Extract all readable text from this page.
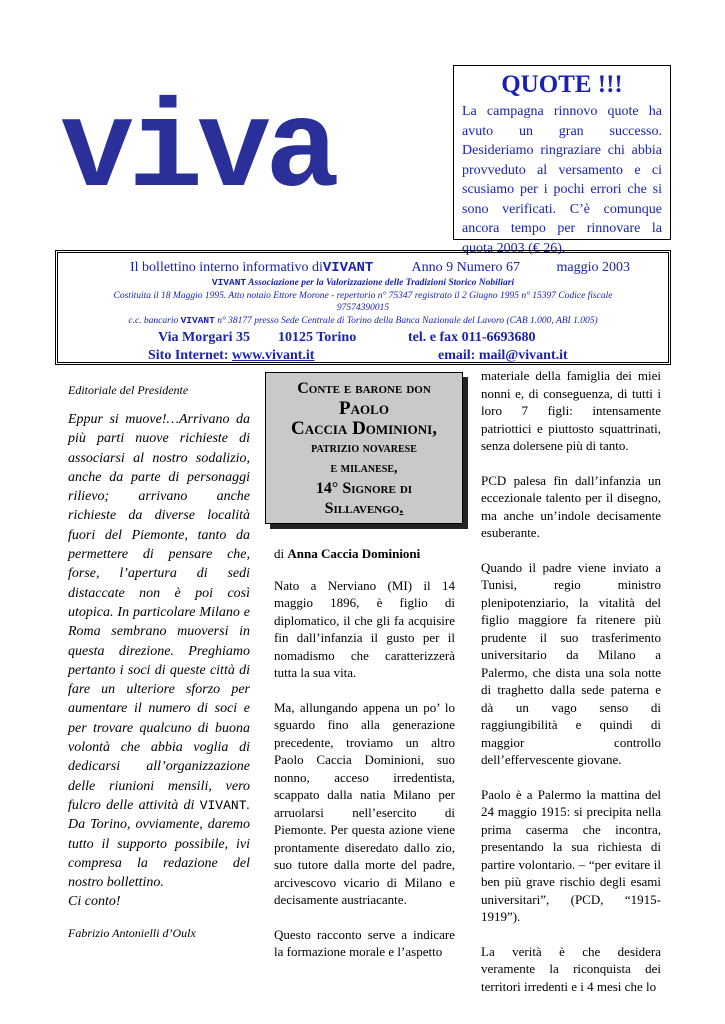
viva	QUOTE !!!
La campagna rinnovo quote ha avuto un gran successo. Desideriamo ringraziare chi abbia provveduto al versamento e ci scusiamo per i pochi errori che si sono verificati. C’è comunque ancora tempo per rinnovare la quota 2003 (€ 26).
Il bollettino interno informativo diVIVANT	Anno 9 Numero 67	maggio 2003
VIVANT Associazione per la Valorizzazione delle Tradizioni Storico Nobiliari
Costituita il 18 Maggio 1995. Atto notaio Ettore Morone - repertorio n° 75347 registrato il 2 Giugno 1995 n° 15397 Codice fiscale 97574390015
c.c. bancario VIVANT n° 38177 presso Sede Centrale di Torino della Banca Nazionale del Lavoro (CAB 1.000, ABI 1.005)
Via Morgari 35	10125 Torino	tel. e fax 011-6693680
Sito Internet: www.vivant.it	email: mail@vivant.it
Editoriale del Presidente
Eppur si muove!…Arrivano da più parti nuove richieste di associarsi al nostro sodalizio, anche da parte di personaggi rilievo; arrivano anche richieste da diverse località fuori del Piemonte, tanto da permettere di pensare che, forse, l’apertura di sedi distaccate non è poi così utopica. In particolare Milano e Roma sembrano muoversi in questa direzione. Preghiamo pertanto i soci di queste città di fare un ulteriore sforzo per aumentare il numero di soci e per trovare qualcuno di buona volontà che abbia voglia di dedicarsi all’organizzazione delle riunioni mensili, vero fulcro delle attività di VIVANT. Da Torino, ovviamente, daremo tutto il supporto possibile, ivi compresa la redazione del nostro bollettino.
Ci conto!
Fabrizio Antonielli d’Oulx
Conte e barone don
Paolo
Caccia Dominioni,
patrizio novarese
e milanese,
14° Signore di
Sillavengo.

di Anna Caccia Dominioni

Nato a Nerviano (MI) il 14 maggio 1896, è figlio di diplomatico, il che gli fa acquisire fin dall’infanzia il gusto per il nomadismo che caratterizzerà tutta la sua vita.

Ma, allungando appena un po’ lo sguardo fino alla generazione precedente, troviamo un altro Paolo Caccia Dominioni, suo nonno, acceso irredentista, scappato dalla natia Milano per arruolarsi nell’esercito di Piemonte. Per questa azione viene prontamente diseredato dallo zio, suo tutore dalla morte del padre, arcivescovo vicario di Milano e decisamente austriacante.

Questo racconto serve a indicare la formazione morale e l’aspetto

materiale della famiglia dei miei nonni e, di conseguenza, di tutti i loro 7 figli: intensamente patriottici e piuttosto squattrinati, senza dolersene più di tanto.

PCD palesa fin dall’infanzia un eccezionale talento per il disegno, ma anche un’indole decisamente esuberante.

Quando il padre viene inviato a Tunisi, regio ministro plenipotenziario, la vitalità del figlio maggiore fa ritenere più prudente il suo trasferimento universitario da Milano a Palermo, che dista una sola notte di traghetto dalla sede paterna e dà un vago senso di raggiungibilità e quindi di maggior controllo dell’effervescente giovane.

Paolo è a Palermo la mattina del 24 maggio 1915: si precipita nella prima caserma che incontra, presentando la sua richiesta di partire volontario. – “per evitare il ben più grave rischio degli esami universitari”, (PCD, “1915-1919”).

La verità è che desidera veramente la riconquista dei territori irredenti e i 4 mesi che lo
